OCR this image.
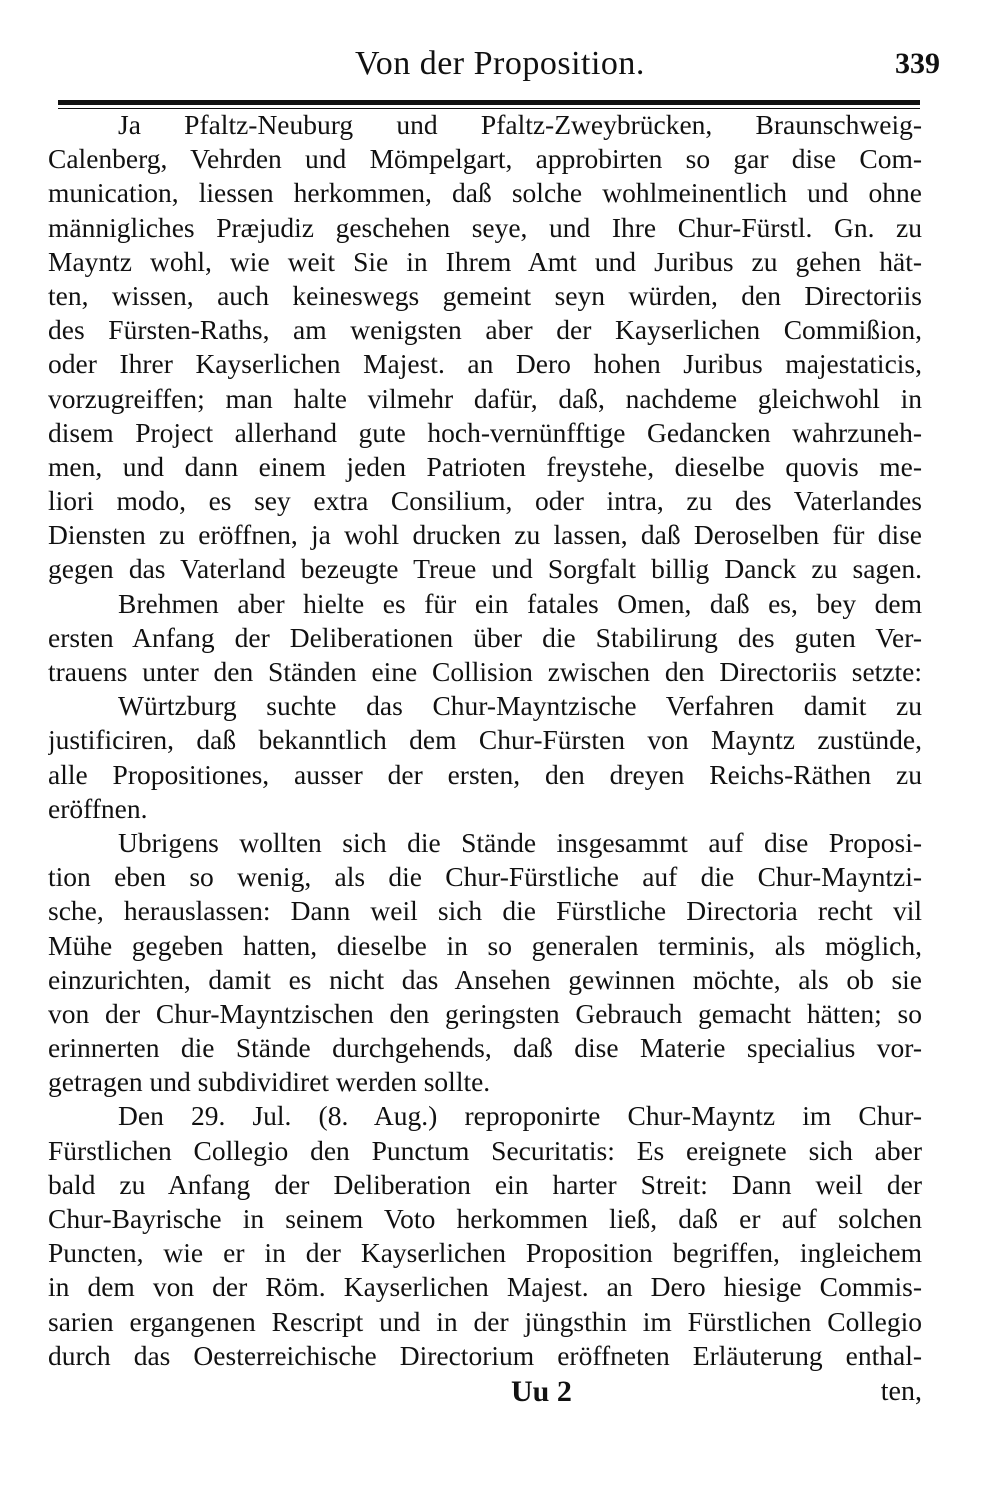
Von der Proposition.	339
Ja Pfaltz-Neuburg und Pfaltz-Zweybrücken, Braunschweig-
Calenberg, Vehrden und Mömpelgart, approbirten so gar dise Com-
munication, liessen herkommen, daß solche wohlmeinentlich und ohne
männigliches Præjudiz geschehen seye, und Ihre Chur-Fürstl. Gn. zu
Mayntz wohl, wie weit Sie in Ihrem Amt und Juribus zu gehen hät-
ten, wissen, auch keineswegs gemeint seyn würden, den Directoriis
des Fürsten-Raths, am wenigsten aber der Kayserlichen Commißion,
oder Ihrer Kayserlichen Majest. an Dero hohen Juribus majestaticis,
vorzugreiffen; man halte vilmehr dafür, daß, nachdeme gleichwohl in
disem Project allerhand gute hoch-vernünfftige Gedancken wahrzuneh-
men, und dann einem jeden Patrioten freystehe, dieselbe quovis me-
liori modo, es sey extra Consilium, oder intra, zu des Vaterlandes
Diensten zu eröffnen, ja wohl drucken zu lassen, daß Deroselben für dise
gegen das Vaterland bezeugte Treue und Sorgfalt billig Danck zu sagen.
Brehmen aber hielte es für ein fatales Omen, daß es, bey dem
ersten Anfang der Deliberationen über die Stabilirung des guten Ver-
trauens unter den Ständen eine Collision zwischen den Directoriis setzte:
Würtzburg suchte das Chur-Mayntzische Verfahren damit zu
justificiren, daß bekanntlich dem Chur-Fürsten von Mayntz zustünde,
alle Propositiones, ausser der ersten, den dreyen Reichs-Räthen zu
eröffnen.
Ubrigens wollten sich die Stände insgesammt auf dise Proposi-
tion eben so wenig, als die Chur-Fürstliche auf die Chur-Mayntzi-
sche, herauslassen: Dann weil sich die Fürstliche Directoria recht vil
Mühe gegeben hatten, dieselbe in so generalen terminis, als möglich,
einzurichten, damit es nicht das Ansehen gewinnen möchte, als ob sie
von der Chur-Mayntzischen den geringsten Gebrauch gemacht hätten; so
erinnerten die Stände durchgehends, daß dise Materie specialius vor-
getragen und subdividiret werden sollte.
Den 29. Jul. (8. Aug.) reproponirte Chur-Mayntz im Chur-
Fürstlichen Collegio den Punctum Securitatis: Es ereignete sich aber
bald zu Anfang der Deliberation ein harter Streit: Dann weil der
Chur-Bayrische in seinem Voto herkommen ließ, daß er auf solchen
Puncten, wie er in der Kayserlichen Proposition begriffen, ingleichem
in dem von der Röm. Kayserlichen Majest. an Dero hiesige Commis-
sarien ergangenen Rescript und in der jüngsthin im Fürstlichen Collegio
durch das Oesterreichische Directorium eröffneten Erläuterung enthal-
Uu 2	ten,
